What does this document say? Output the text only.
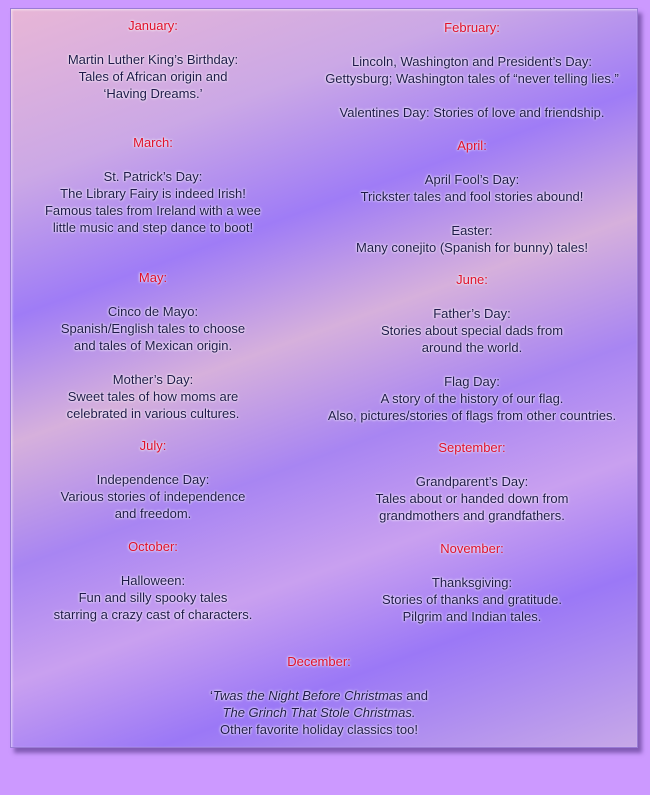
January:
Martin Luther King’s Birthday:
Tales of African origin and
‘Having Dreams.’
February:
Lincoln, Washington and President’s Day:
Gettysburg; Washington tales of “never telling lies.”
Valentines Day: Stories of love and friendship.
March:
St. Patrick’s Day:
The Library Fairy is indeed Irish!
Famous tales from Ireland with a wee
little music and step dance to boot!
April:
April Fool’s Day:
Trickster tales and fool stories abound!
Easter:
Many conejito (Spanish for bunny) tales!
May:
Cinco de Mayo:
Spanish/English tales to choose
and tales of Mexican origin.
Mother’s Day:
Sweet tales of how moms are
celebrated in various cultures.
June:
Father’s Day:
Stories about special dads from
around the world.
Flag Day:
A story of the history of our flag.
Also, pictures/stories of flags from other countries.
July:
Independence Day:
Various stories of independence
and freedom.
September:
Grandparent’s Day:
Tales about or handed down from
grandmothers and grandfathers.
October:
Halloween:
Fun and silly spooky tales
starring a crazy cast of characters.
November:
Thanksgiving:
Stories of thanks and gratitude.
Pilgrim and Indian tales.
December:
‘Twas the Night Before Christmas and
The Grinch That Stole Christmas.
Other favorite holiday classics too!
